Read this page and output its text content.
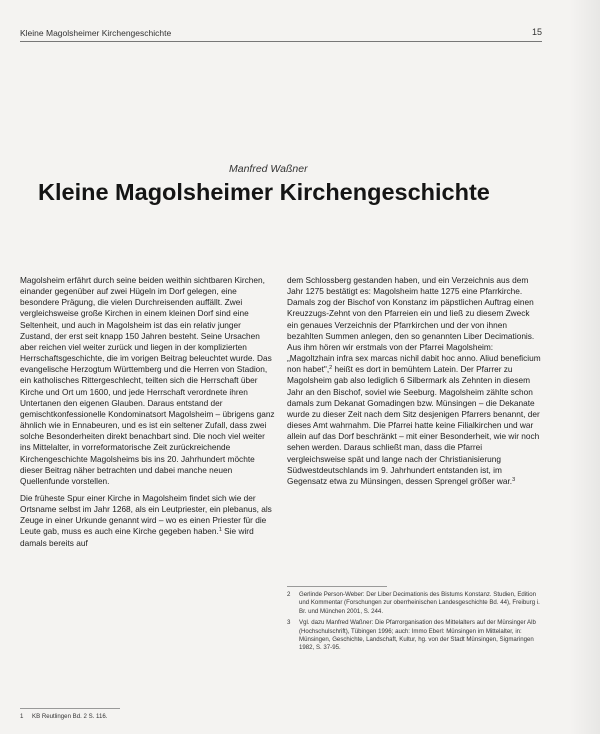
Kleine Magolsheimer Kirchengeschichte	15
Manfred Waßner
Kleine Magolsheimer Kirchengeschichte

Magolsheim erfährt durch seine beiden weithin sichtbaren Kirchen, einander gegenüber auf zwei Hügeln im Dorf gelegen, eine besondere Prägung, die vielen Durchreisenden auffällt. Zwei vergleichsweise große Kirchen in einem kleinen Dorf sind eine Seltenheit, und auch in Magolsheim ist das ein relativ junger Zustand, der erst seit knapp 150 Jahren besteht. Seine Ursachen aber reichen viel weiter zurück und liegen in der komplizierten Herrschaftsgeschichte, die im vorigen Beitrag beleuchtet wurde. Das evangelische Herzogtum Württemberg und die Herren von Stadion, ein katholisches Rittergeschlecht, teilten sich die Herrschaft über Kirche und Ort um 1600, und jede Herrschaft verordnete ihren Untertanen den eigenen Glauben. Daraus entstand der gemischtkonfessionelle Kondominatsort Magolsheim – übrigens ganz ähnlich wie in Ennabeuren, und es ist ein seltener Zufall, dass zwei solche Besonderheiten direkt benachbart sind. Die noch viel weiter ins Mittelalter, in vorreformatorische Zeit zurückreichende Kirchengeschichte Magolsheims bis ins 20. Jahrhundert möchte dieser Beitrag näher betrachten und dabei manche neuen Quellenfunde vorstellen.

Die früheste Spur einer Kirche in Magolsheim findet sich wie der Ortsname selbst im Jahr 1268, als ein Leutpriester, ein plebanus, als Zeuge in einer Urkunde genannt wird – wo es einen Priester für die Leute gab, muss es auch eine Kirche gegeben haben.$^1$ Sie wird damals bereits auf

dem Schlossberg gestanden haben, und ein Verzeichnis aus dem Jahr 1275 bestätigt es: Magolsheim hatte 1275 eine Pfarrkirche. Damals zog der Bischof von Konstanz im päpstlichen Auftrag einen Kreuzzugs-Zehnt von den Pfarreien ein und ließ zu diesem Zweck ein genaues Verzeichnis der Pfarrkirchen und der von ihnen bezahlten Summen anlegen, den so genannten Liber Decimationis. Aus ihm hören wir erstmals von der Pfarrei Magolsheim: „Magoltzhain infra sex marcas nichil dabit hoc anno. Aliud beneficium non habet",$^2$ heißt es dort in bemühtem Latein. Der Pfarrer zu Magolsheim gab also lediglich 6 Silbermark als Zehnten in diesem Jahr an den Bischof, soviel wie Seeburg. Magolsheim zählte schon damals zum Dekanat Gomadingen bzw. Münsingen – die Dekanate wurde zu dieser Zeit nach dem Sitz desjenigen Pfarrers benannt, der dieses Amt wahrnahm. Die Pfarrei hatte keine Filialkirchen und war allein auf das Dorf beschränkt – mit einer Besonderheit, wie wir noch sehen werden. Daraus schließt man, dass die Pfarrei vergleichsweise spät und lange nach der Christianisierung Südwestdeutschlands im 9. Jahrhundert entstanden ist, im Gegensatz etwa zu Münsingen, dessen Sprengel größer war.$^3$

1 KB Reutlingen Bd. 2 S. 116.
2 Gerlinde Person-Weber: Der Liber Decimationis des Bistums Konstanz. Studien, Edition und Kommentar (Forschungen zur oberrheinischen Landesgeschichte Bd. 44), Freiburg i. Br. und München 2001, S. 244.
3 Vgl. dazu Manfred Waßner: Die Pfarrorganisation des Mittelalters auf der Münsinger Alb (Hochschulschrift), Tübingen 1996; auch: Immo Eberl: Münsingen im Mittelalter, in: Münsingen, Geschichte, Landschaft, Kultur, hg. von der Stadt Münsingen, Sigmaringen 1982, S. 37-95.
